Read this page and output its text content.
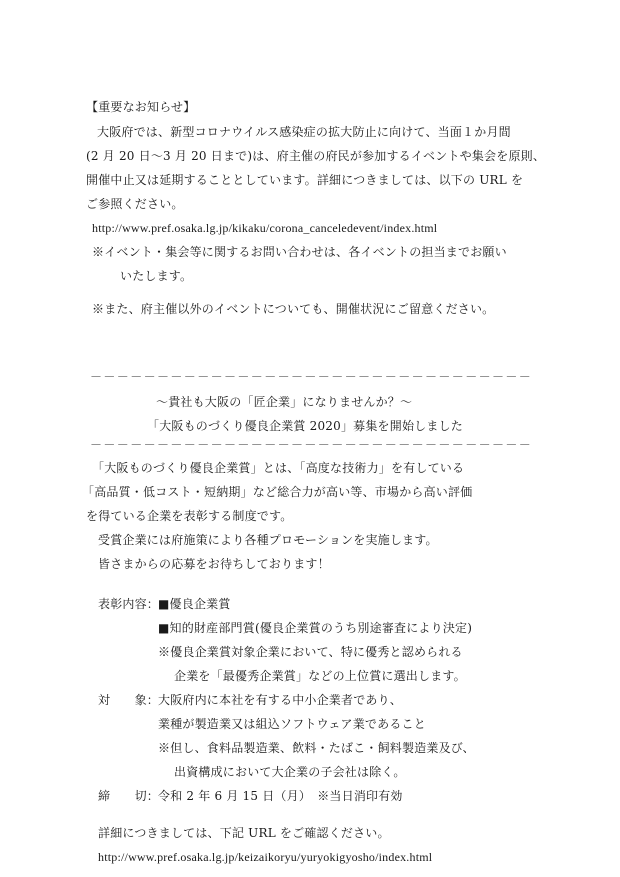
【重要なお知らせ】
大阪府では、新型コロナウイルス感染症の拡大防止に向けて、当面１か月間
(2 月 20 日〜3 月 20 日まで)は、府主催の府民が参加するイベントや集会を原則、
開催中止又は延期することとしています。詳細につきましては、以下の URL を
ご参照ください。
http://www.pref.osaka.lg.jp/kikaku/corona_canceledevent/index.html
※イベント・集会等に関するお問い合わせは、各イベントの担当までお願い
いたします。
※また、府主催以外のイベントについても、開催状況にご留意ください。
－－－－－－－－－－－－－－－－－－－－－－－－－－－－－－－－－
〜貴社も大阪の「匠企業」になりませんか？〜
「大阪ものづくり優良企業賞 2020」募集を開始しました
－－－－－－－－－－－－－－－－－－－－－－－－－－－－－－－－－
「大阪ものづくり優良企業賞」とは、「高度な技術力」を有している
「高品質・低コスト・短納期」など総合力が高い等、市場から高い評価
を得ている企業を表彰する制度です。
受賞企業には府施策により各種プロモーションを実施します。
皆さまからの応募をお待ちしております！
表彰内容：
■優良企業賞
■知的財産部門賞(優良企業賞のうち別途審査により決定)
※優良企業賞対象企業において、特に優秀と認められる
企業を「最優秀企業賞」などの上位賞に選出します。
対　　象：
大阪府内に本社を有する中小企業者であり、
業種が製造業又は組込ソフトウェア業であること
※但し、食料品製造業、飲料・たばこ・飼料製造業及び、
出資構成において大企業の子会社は除く。
締　　切：
令和 2 年 6 月 15 日（月）　※当日消印有効
詳細につきましては、下記 URL をご確認ください。
http://www.pref.osaka.lg.jp/keizaikoryu/yuryokigyosho/index.html
